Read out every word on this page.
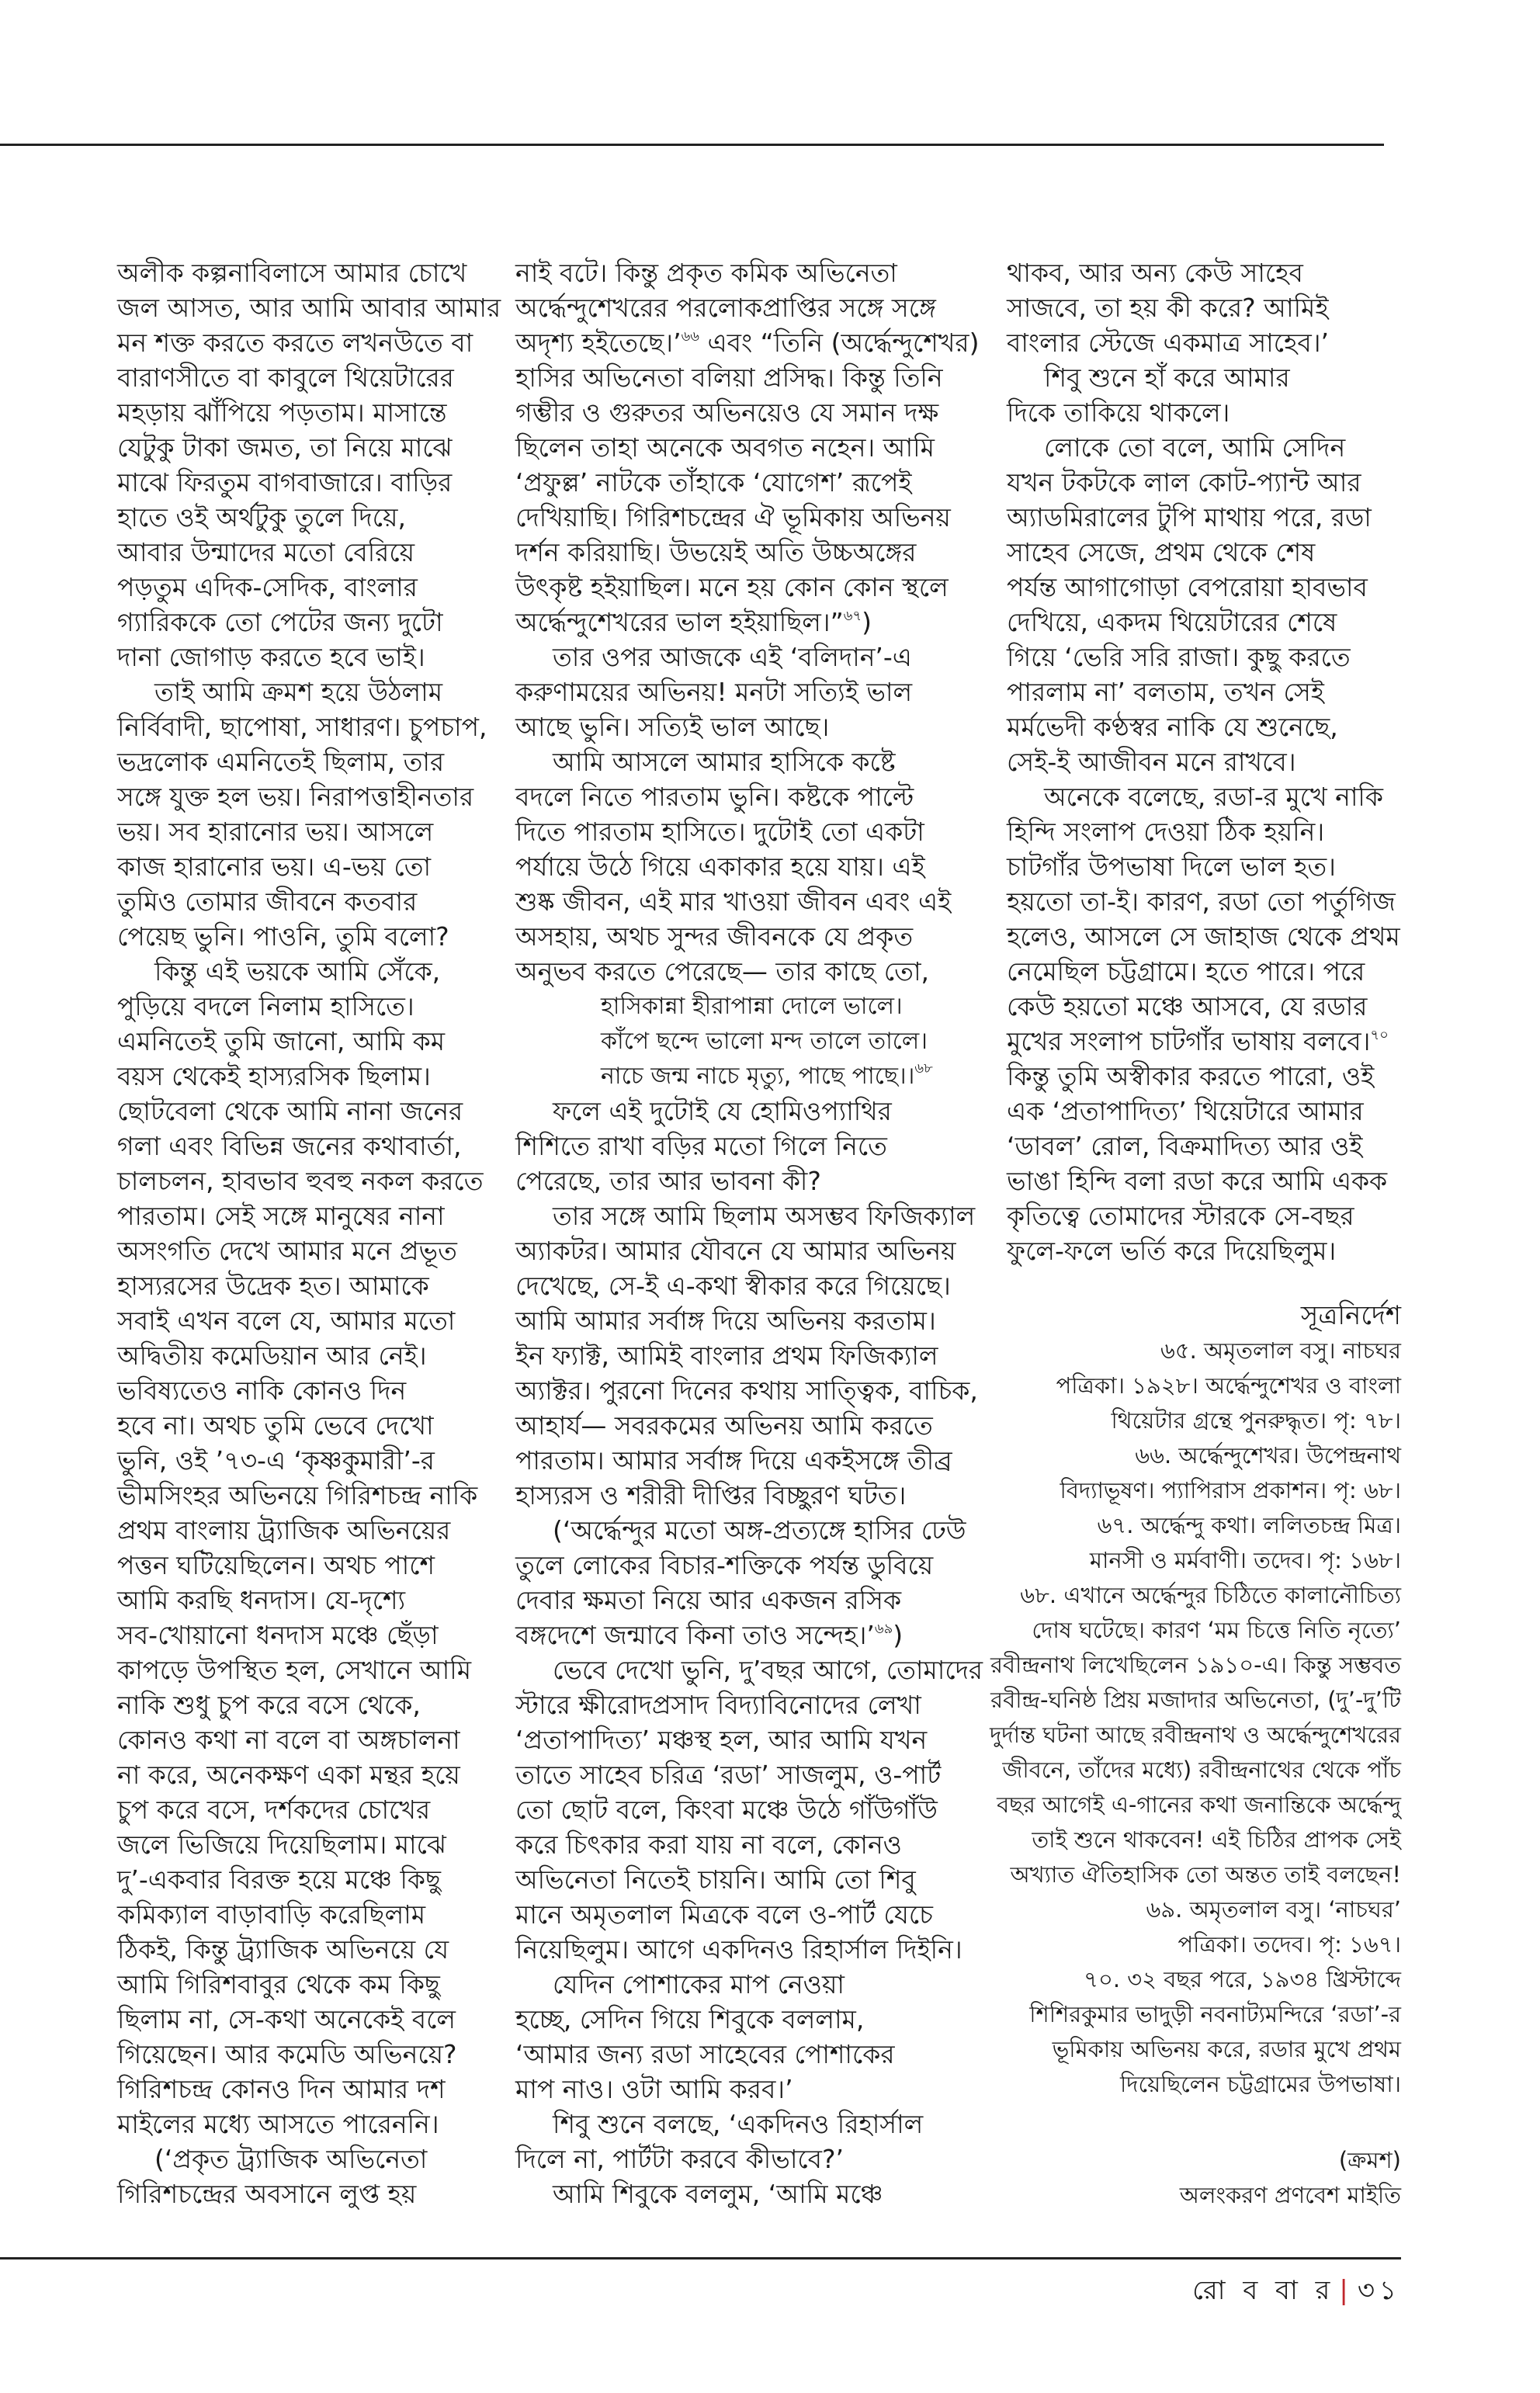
অলীক কল্পনাবিলাসে আমার চোখে
জল আসত, আর আমি আবার আমার
মন শক্ত করতে করতে লখনউতে বা
বারাণসীতে বা কাবুলে থিয়েটারের
মহড়ায় ঝাঁপিয়ে পড়তাম। মাসান্তে
যেটুকু টাকা জমত, তা নিয়ে মাঝে
মাঝে ফিরতুম বাগবাজারে। বাড়ির
হাতে ওই অর্থটুকু তুলে দিয়ে,
আবার উন্মাদের মতো বেরিয়ে
পড়তুম এদিক-সেদিক, বাংলার
গ্যারিককে তো পেটের জন্য দুটো
দানা জোগাড় করতে হবে ভাই।
তাই আমি ক্রমশ হয়ে উঠলাম
নির্বিবাদী, ছাপোষা, সাধারণ। চুপচাপ,
ভদ্রলোক এমনিতেই ছিলাম, তার
সঙ্গে যুক্ত হল ভয়। নিরাপত্তাহীনতার
ভয়। সব হারানোর ভয়। আসলে
কাজ হারানোর ভয়। এ-ভয় তো
তুমিও তোমার জীবনে কতবার
পেয়েছ ভুনি। পাওনি, তুমি বলো?
কিন্তু এই ভয়কে আমি সেঁকে,
পুড়িয়ে বদলে নিলাম হাসিতে।
এমনিতেই তুমি জানো, আমি কম
বয়স থেকেই হাস্যরসিক ছিলাম।
ছোটবেলা থেকে আমি নানা জনের
গলা এবং বিভিন্ন জনের কথাবার্তা,
চালচলন, হাবভাব হুবহু নকল করতে
পারতাম। সেই সঙ্গে মানুষের নানা
অসংগতি দেখে আমার মনে প্রভূত
হাস্যরসের উদ্রেক হত। আমাকে
সবাই এখন বলে যে, আমার মতো
অদ্বিতীয় কমেডিয়ান আর নেই।
ভবিষ্যতেও নাকি কোনও দিন
হবে না। অথচ তুমি ভেবে দেখো
ভুনি, ওই ’৭৩-এ ‘কৃষ্ণকুমারী’-র
ভীমসিংহর অভিনয়ে গিরিশচন্দ্র নাকি
প্রথম বাংলায় ট্র্যাজিক অভিনয়ের
পত্তন ঘটিয়েছিলেন। অথচ পাশে
আমি করছি ধনদাস। যে-দৃশ্যে
সব-খোয়ানো ধনদাস মঞ্চে ছেঁড়া
কাপড়ে উপস্থিত হল, সেখানে আমি
নাকি শুধু চুপ করে বসে থেকে,
কোনও কথা না বলে বা অঙ্গচালনা
না করে, অনেকক্ষণ একা মন্থর হয়ে
চুপ করে বসে, দর্শকদের চোখের
জলে ভিজিয়ে দিয়েছিলাম। মাঝে
দু’-একবার বিরক্ত হয়ে মঞ্চে কিছু
কমিক্যাল বাড়াবাড়ি করেছিলাম
ঠিকই, কিন্তু ট্র্যাজিক অভিনয়ে যে
আমি গিরিশবাবুর থেকে কম কিছু
ছিলাম না, সে-কথা অনেকেই বলে
গিয়েছেন। আর কমেডি অভিনয়ে?
গিরিশচন্দ্র কোনও দিন আমার দশ
মাইলের মধ্যে আসতে পারেননি।
(‘প্রকৃত ট্র্যাজিক অভিনেতা
গিরিশচন্দ্রের অবসানে লুপ্ত হয়
নাই বটে। কিন্তু প্রকৃত কমিক অভিনেতা
অর্দ্ধেন্দুশেখরের পরলোকপ্রাপ্তির সঙ্গে সঙ্গে
অদৃশ্য হইতেছে।’$^{৬৬}$ এবং “তিনি (অর্দ্ধেন্দুশেখর)
হাসির অভিনেতা বলিয়া প্রসিদ্ধ। কিন্তু তিনি
গম্ভীর ও গুরুতর অভিনয়েও যে সমান দক্ষ
ছিলেন তাহা অনেকে অবগত নহেন। আমি
‘প্রফুল্ল’ নাটকে তাঁহাকে ‘যোগেশ’ রূপেই
দেখিয়াছি। গিরিশচন্দ্রের ঐ ভূমিকায় অভিনয়
দর্শন করিয়াছি। উভয়েই অতি উচ্চঅঙ্গের
উৎকৃষ্ট হইয়াছিল। মনে হয় কোন কোন স্থলে
অর্দ্ধেন্দুশেখরের ভাল হইয়াছিল।”$^{৬৭}$)
তার ওপর আজকে এই ‘বলিদান’-এ
করুণাময়ের অভিনয়! মনটা সত্যিই ভাল
আছে ভুনি। সত্যিই ভাল আছে।
আমি আসলে আমার হাসিকে কষ্টে
বদলে নিতে পারতাম ভুনি। কষ্টকে পাল্টে
দিতে পারতাম হাসিতে। দুটোই তো একটা
পর্যায়ে উঠে গিয়ে একাকার হয়ে যায়। এই
শুষ্ক জীবন, এই মার খাওয়া জীবন এবং এই
অসহায়, অথচ সুন্দর জীবনকে যে প্রকৃত
অনুভব করতে পেরেছে— তার কাছে তো,
হাসিকান্না হীরাপান্না দোলে ভালে।
কাঁপে ছন্দে ভালো মন্দ তালে তালে।
নাচে জন্ম নাচে মৃত্যু, পাছে পাছে।।$^{৬৮}$
ফলে এই দুটোই যে হোমিওপ্যাথির
শিশিতে রাখা বড়ির মতো গিলে নিতে
পেরেছে, তার আর ভাবনা কী?
তার সঙ্গে আমি ছিলাম অসম্ভব ফিজিক্যাল
অ্যাকটর। আমার যৌবনে যে আমার অভিনয়
দেখেছে, সে-ই এ-কথা স্বীকার করে গিয়েছে।
আমি আমার সর্বাঙ্গ দিয়ে অভিনয় করতাম।
ইন ফ্যাক্ট, আমিই বাংলার প্রথম ফিজিক্যাল
অ্যাক্টর। পুরনো দিনের কথায় সাত্ত্বিক, বাচিক,
আহার্য— সবরকমের অভিনয় আমি করতে
পারতাম। আমার সর্বাঙ্গ দিয়ে একইসঙ্গে তীব্র
হাস্যরস ও শরীরী দীপ্তির বিচ্ছুরণ ঘটত।
(‘অর্দ্ধেন্দুর মতো অঙ্গ-প্রত্যঙ্গে হাসির ঢেউ
তুলে লোকের বিচার-শক্তিকে পর্যন্ত ডুবিয়ে
দেবার ক্ষমতা নিয়ে আর একজন রসিক
বঙ্গদেশে জন্মাবে কিনা তাও সন্দেহ।’$^{৬৯}$)
ভেবে দেখো ভুনি, দু’বছর আগে, তোমাদের
স্টারে ক্ষীরোদপ্রসাদ বিদ্যাবিনোদের লেখা
‘প্রতাপাদিত্য’ মঞ্চস্থ হল, আর আমি যখন
তাতে সাহেব চরিত্র ‘রডা’ সাজলুম, ও-পার্ট
তো ছোট বলে, কিংবা মঞ্চে উঠে গাঁউগাঁউ
করে চিৎকার করা যায় না বলে, কোনও
অভিনেতা নিতেই চায়নি। আমি তো শিবু
মানে অমৃতলাল মিত্রকে বলে ও-পার্ট যেচে
নিয়েছিলুম। আগে একদিনও রিহার্সাল দিইনি।
যেদিন পোশাকের মাপ নেওয়া
হচ্ছে, সেদিন গিয়ে শিবুকে বললাম,
‘আমার জন্য রডা সাহেবের পোশাকের
মাপ নাও। ওটা আমি করব।’
শিবু শুনে বলছে, ‘একদিনও রিহার্সাল
দিলে না, পার্টটা করবে কীভাবে?’
আমি শিবুকে বললুম, ‘আমি মঞ্চে
থাকব, আর অন্য কেউ সাহেব
সাজবে, তা হয় কী করে? আমিই
বাংলার স্টেজে একমাত্র সাহেব।’
শিবু শুনে হাঁ করে আমার
দিকে তাকিয়ে থাকলে।
লোকে তো বলে, আমি সেদিন
যখন টকটকে লাল কোট-প্যান্ট আর
অ্যাডমিরালের টুপি মাথায় পরে, রডা
সাহেব সেজে, প্রথম থেকে শেষ
পর্যন্ত আগাগোড়া বেপরোয়া হাবভাব
দেখিয়ে, একদম থিয়েটারের শেষে
গিয়ে ‘ভেরি সরি রাজা। কুছু করতে
পারলাম না’ বলতাম, তখন সেই
মর্মভেদী কণ্ঠস্বর নাকি যে শুনেছে,
সেই-ই আজীবন মনে রাখবে।
অনেকে বলেছে, রডা-র মুখে নাকি
হিন্দি সংলাপ দেওয়া ঠিক হয়নি।
চাটগাঁর উপভাষা দিলে ভাল হত।
হয়তো তা-ই। কারণ, রডা তো পর্তুগিজ
হলেও, আসলে সে জাহাজ থেকে প্রথম
নেমেছিল চট্টগ্রামে। হতে পারে। পরে
কেউ হয়তো মঞ্চে আসবে, যে রডার
মুখের সংলাপ চাটগাঁর ভাষায় বলবে।$^{৭০}$
কিন্তু তুমি অস্বীকার করতে পারো, ওই
এক ‘প্রতাপাদিত্য’ থিয়েটারে আমার
‘ডাবল’ রোল, বিক্রমাদিত্য আর ওই
ভাঙা হিন্দি বলা রডা করে আমি একক
কৃতিত্বে তোমাদের স্টারকে সে-বছর
ফুলে-ফলে ভর্তি করে দিয়েছিলুম।
সূত্রনির্দেশ
৬৫. অমৃতলাল বসু। নাচঘর
পত্রিকা। ১৯২৮। অর্দ্ধেন্দুশেখর ও বাংলা
থিয়েটার গ্রন্থে পুনরুদ্ধৃত। পৃ: ৭৮।
৬৬. অর্দ্ধেন্দুশেখর। উপেন্দ্রনাথ
বিদ্যাভূষণ। প্যাপিরাস প্রকাশন। পৃ: ৬৮।
৬৭. অর্দ্ধেন্দু কথা। ললিতচন্দ্র মিত্র।
মানসী ও মর্মবাণী। তদেব। পৃ: ১৬৮।
৬৮. এখানে অর্দ্ধেন্দুর চিঠিতে কালানৌচিত্য
দোষ ঘটেছে। কারণ ‘মম চিত্তে নিতি নৃত্যে’
রবীন্দ্রনাথ লিখেছিলেন ১৯১০-এ। কিন্তু সম্ভবত
রবীন্দ্র-ঘনিষ্ঠ প্রিয় মজাদার অভিনেতা, (দু’-দু’টি
দুর্দান্ত ঘটনা আছে রবীন্দ্রনাথ ও অর্দ্ধেন্দুশেখরের
জীবনে, তাঁদের মধ্যে) রবীন্দ্রনাথের থেকে পাঁচ
বছর আগেই এ-গানের কথা জনান্তিকে অর্দ্ধেন্দু
তাই শুনে থাকবেন! এই চিঠির প্রাপক সেই
অখ্যাত ঐতিহাসিক তো অন্তত তাই বলছেন!
৬৯. অমৃতলাল বসু। ‘নাচঘর’
পত্রিকা। তদেব। পৃ: ১৬৭।
৭০. ৩২ বছর পরে, ১৯৩৪ খ্রিস্টাব্দে
শিশিরকুমার ভাদুড়ী নবনাট্যমন্দিরে ‘রডা’-র
ভূমিকায় অভিনয় করে, রডার মুখে প্রথম
দিয়েছিলেন চট্টগ্রামের উপভাষা।
(ক্রমশ)
অলংকরণ প্রণবেশ মাইতি
রো ব বা র | ৩১
